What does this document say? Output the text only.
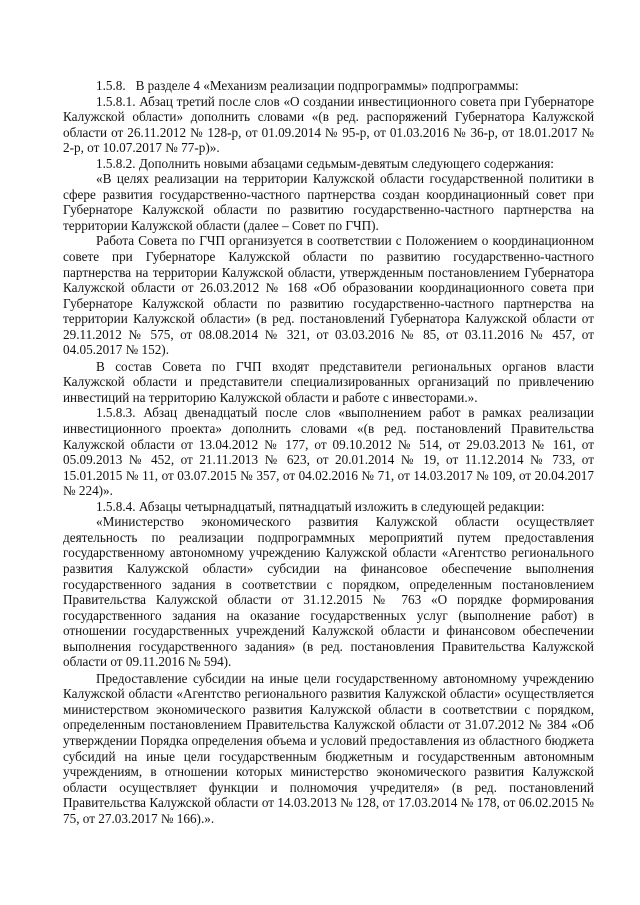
1.5.8.   В разделе 4 «Механизм реализации подпрограммы» подпрограммы:

1.5.8.1. Абзац третий после слов «О создании инвестиционного совета при Губернаторе Калужской области» дополнить словами «(в ред. распоряжений Губернатора Калужской области от 26.11.2012 № 128-р, от 01.09.2014 № 95-р, от 01.03.2016 № 36-р, от 18.01.2017 № 2-р, от 10.07.2017 № 77-р)».

1.5.8.2. Дополнить новыми абзацами седьмым-девятым следующего содержания:

«В целях реализации на территории Калужской области государственной политики в сфере развития государственно-частного партнерства создан координационный совет при Губернаторе Калужской области по развитию государственно-частного партнерства на территории Калужской области (далее – Совет по ГЧП).

Работа Совета по ГЧП организуется в соответствии с Положением о координационном совете при Губернаторе Калужской области по развитию государственно-частного партнерства на территории Калужской области, утвержденным постановлением Губернатора Калужской области от 26.03.2012 № 168 «Об образовании координационного совета при Губернаторе Калужской области по развитию государственно-частного партнерства на территории Калужской области» (в ред. постановлений Губернатора Калужской области от 29.11.2012 № 575, от 08.08.2014 № 321, от 03.03.2016 № 85, от 03.11.2016 № 457, от 04.05.2017 № 152).

В состав Совета по ГЧП входят представители региональных органов власти Калужской области и представители специализированных организаций по привлечению инвестиций на территорию Калужской области и работе с инвесторами.».

1.5.8.3. Абзац двенадцатый после слов «выполнением работ в рамках реализации инвестиционного проекта» дополнить словами «(в ред. постановлений Правительства Калужской области от 13.04.2012 № 177, от 09.10.2012 № 514, от 29.03.2013 № 161, от 05.09.2013 № 452, от 21.11.2013 № 623, от 20.01.2014 № 19, от 11.12.2014 № 733, от 15.01.2015 № 11, от 03.07.2015 № 357, от 04.02.2016 № 71, от 14.03.2017 № 109, от 20.04.2017 № 224)».

1.5.8.4. Абзацы четырнадцатый, пятнадцатый изложить в следующей редакции:

«Министерство экономического развития Калужской области осуществляет деятельность по реализации подпрограммных мероприятий путем предоставления государственному автономному учреждению Калужской области «Агентство регионального развития Калужской области» субсидии на финансовое обеспечение выполнения государственного задания в соответствии с порядком, определенным постановлением Правительства Калужской области от 31.12.2015 № 763 «О порядке формирования государственного задания на оказание государственных услуг (выполнение работ) в отношении государственных учреждений Калужской области и финансовом обеспечении выполнения государственного задания» (в ред. постановления Правительства Калужской области от 09.11.2016 № 594).

Предоставление субсидии на иные цели государственному автономному учреждению Калужской области «Агентство регионального развития Калужской области» осуществляется министерством экономического развития Калужской области в соответствии с порядком, определенным постановлением Правительства Калужской области от 31.07.2012 № 384 «Об утверждении Порядка определения объема и условий предоставления из областного бюджета субсидий на иные цели государственным бюджетным и государственным автономным учреждениям, в отношении которых министерство экономического развития Калужской области осуществляет функции и полномочия учредителя» (в ред. постановлений Правительства Калужской области от 14.03.2013 № 128, от 17.03.2014 № 178, от 06.02.2015 № 75, от 27.03.2017 № 166).».
